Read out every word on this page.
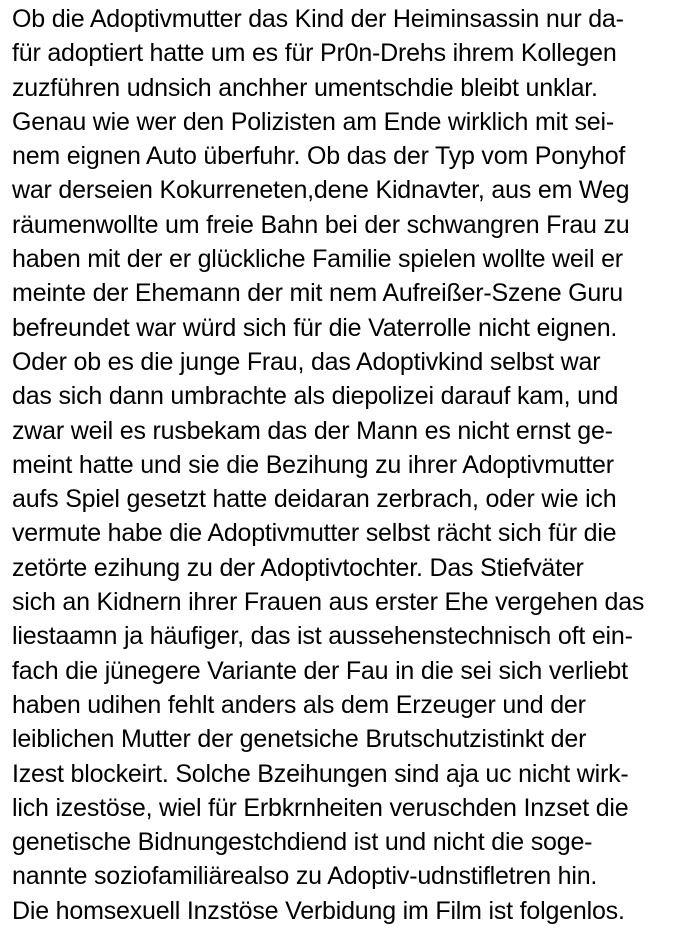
Ob die Adoptivmutter das Kind der Heiminsassin nur da-
für adoptiert hatte um es für Pr0n-Drehs ihrem Kollegen
zuzführen udnsich anchher umentschdie bleibt unklar.
Genau wie wer den Polizisten am Ende wirklich mit sei-
nem eignen Auto überfuhr. Ob das der Typ vom Ponyhof
war derseien Kokurreneten,dene Kidnavter, aus em Weg
räumenwollte um freie Bahn bei der schwangren Frau zu
haben mit der er glückliche Familie spielen wollte weil er
meinte der Ehemann der mit nem Aufreißer-Szene Guru
befreundet war würd sich für die Vaterrolle nicht eignen.
Oder ob es die junge Frau, das Adoptivkind selbst war
das sich dann umbrachte als diepolizei darauf kam, und
zwar weil es rusbekam das der Mann es nicht ernst ge-
meint hatte und sie die Bezihung zu ihrer Adoptivmutter
aufs Spiel gesetzt hatte deidaran zerbrach, oder wie ich
vermute habe die Adoptivmutter selbst rächt sich für die
zetörte ezihung zu der Adoptivtochter. Das Stiefväter
sich an Kidnern ihrer Frauen aus erster Ehe vergehen das
liestaamn ja häufiger, das ist aussehenstechnisch oft ein-
fach die jünegere Variante der Fau in die sei sich verliebt
haben udihen fehlt anders als dem Erzeuger und der
leiblichen Mutter der genetsiche Brutschutzistinkt der
Izest blockeirt. Solche Bzeihungen sind aja uc nicht wirk-
lich izestöse, wiel für Erbkrnheiten veruschden Inzset die
genetische Bidnungestchdiend ist und nicht die soge-
nannte soziofamiliärealso zu Adoptiv-udnstifletren hin.
Die homsexuell Inzstöse Verbidung im Film ist folgenlos.
